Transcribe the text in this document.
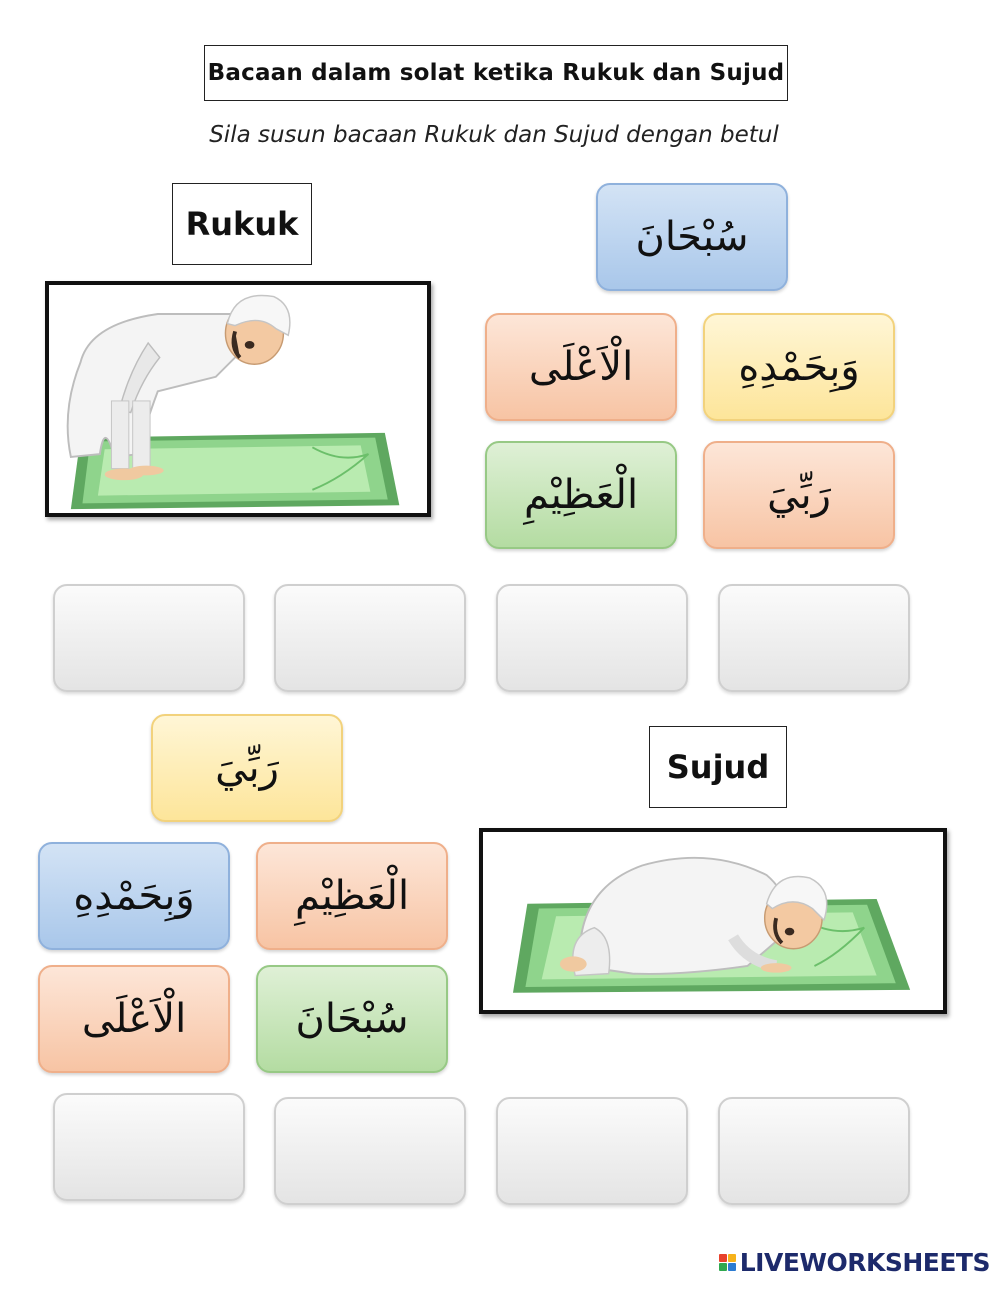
Bacaan dalam solat ketika Rukuk dan Sujud
Sila susun bacaan Rukuk dan Sujud dengan betul
Rukuk	سُبْحَانَ
الْاَعْلَى	وَبِحَمْدِهِ
الْعَظِيْمِ	رَبِّيَ
Sujud
رَبِّيَ
وَبِحَمْدِهِ	الْعَظِيْمِ
الْاَعْلَى	سُبْحَانَ
LIVEWORKSHEETS
